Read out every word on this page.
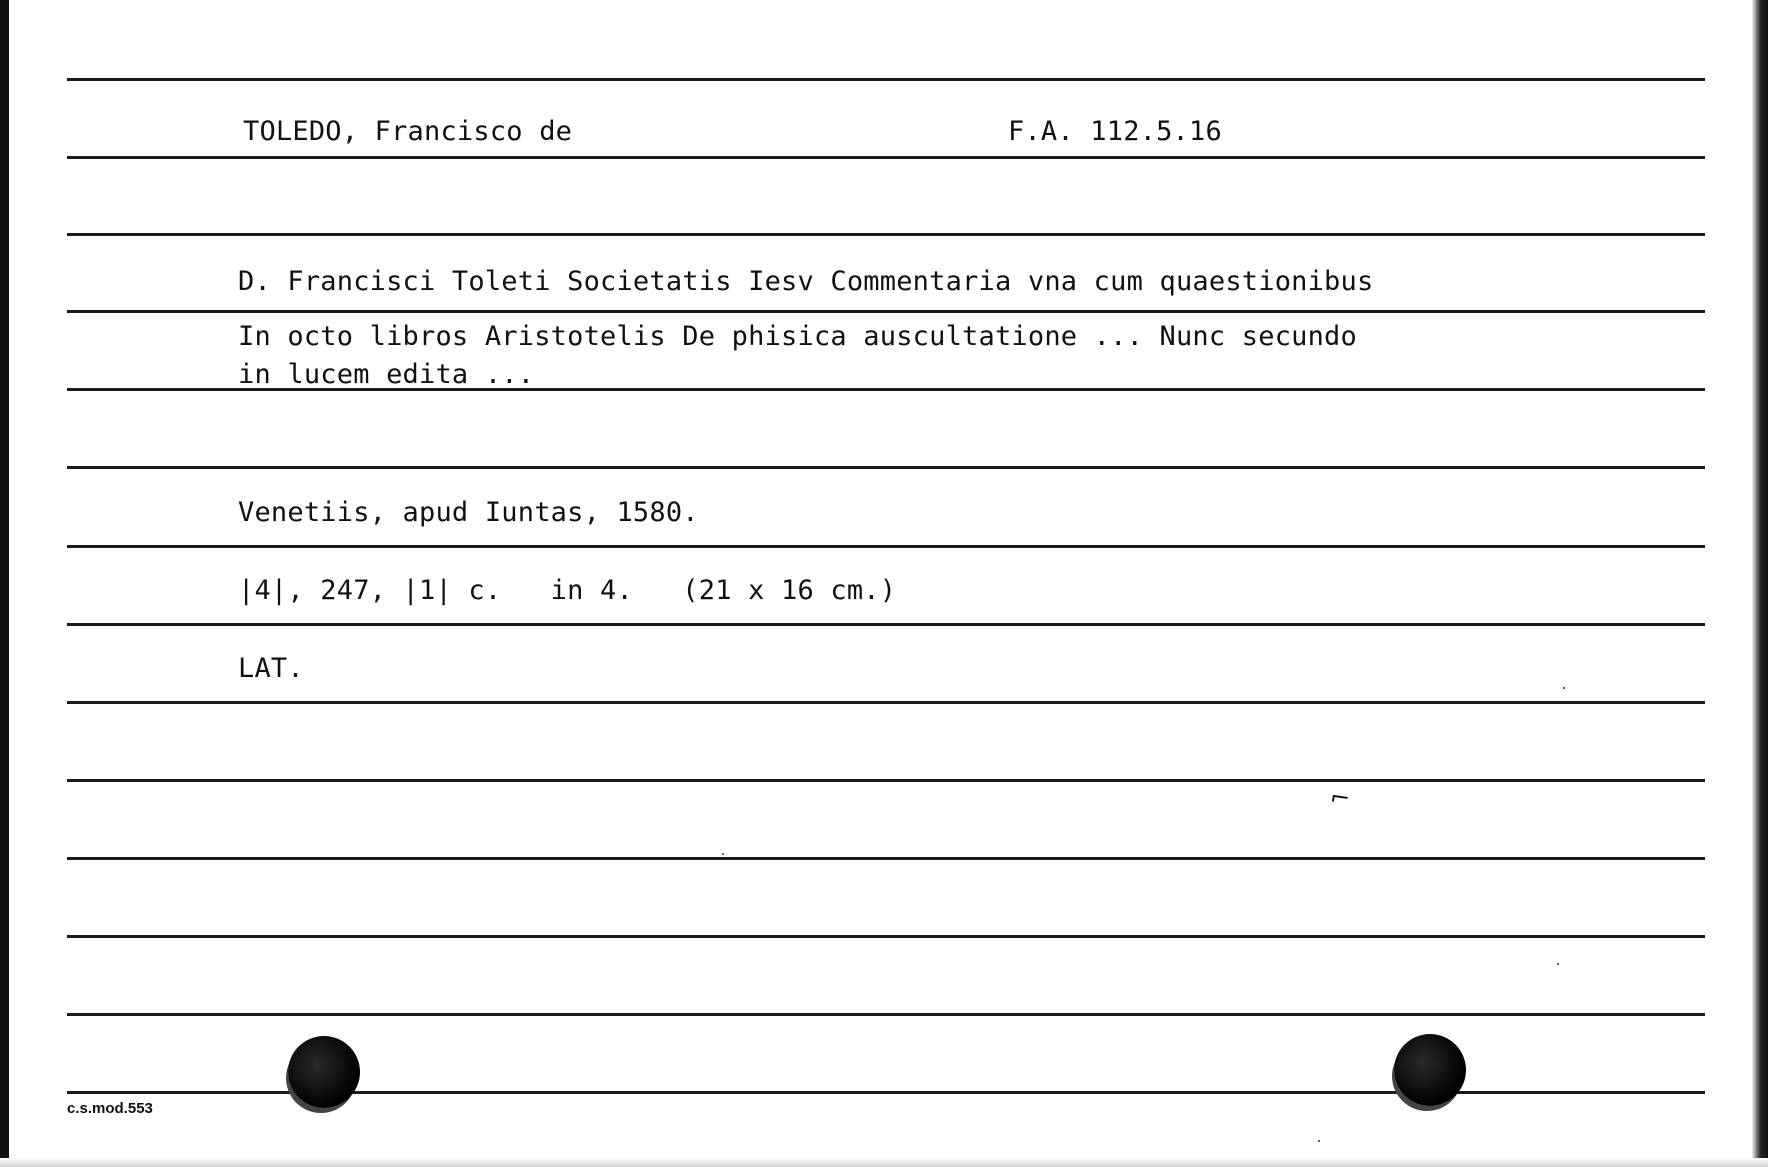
TOLEDO, Francisco de	F.A. 112.5.16
D. Francisci Toleti Societatis Iesv Commentaria vna cum quaestionibus
In octo libros Aristotelis De phisica auscultatione ... Nunc secundo
in lucem edita ...
Venetiis, apud Iuntas, 1580.
|4|, 247, |1| c.   in 4.   (21 x 16 cm.)
LAT.
⌐
c.s.mod.553
